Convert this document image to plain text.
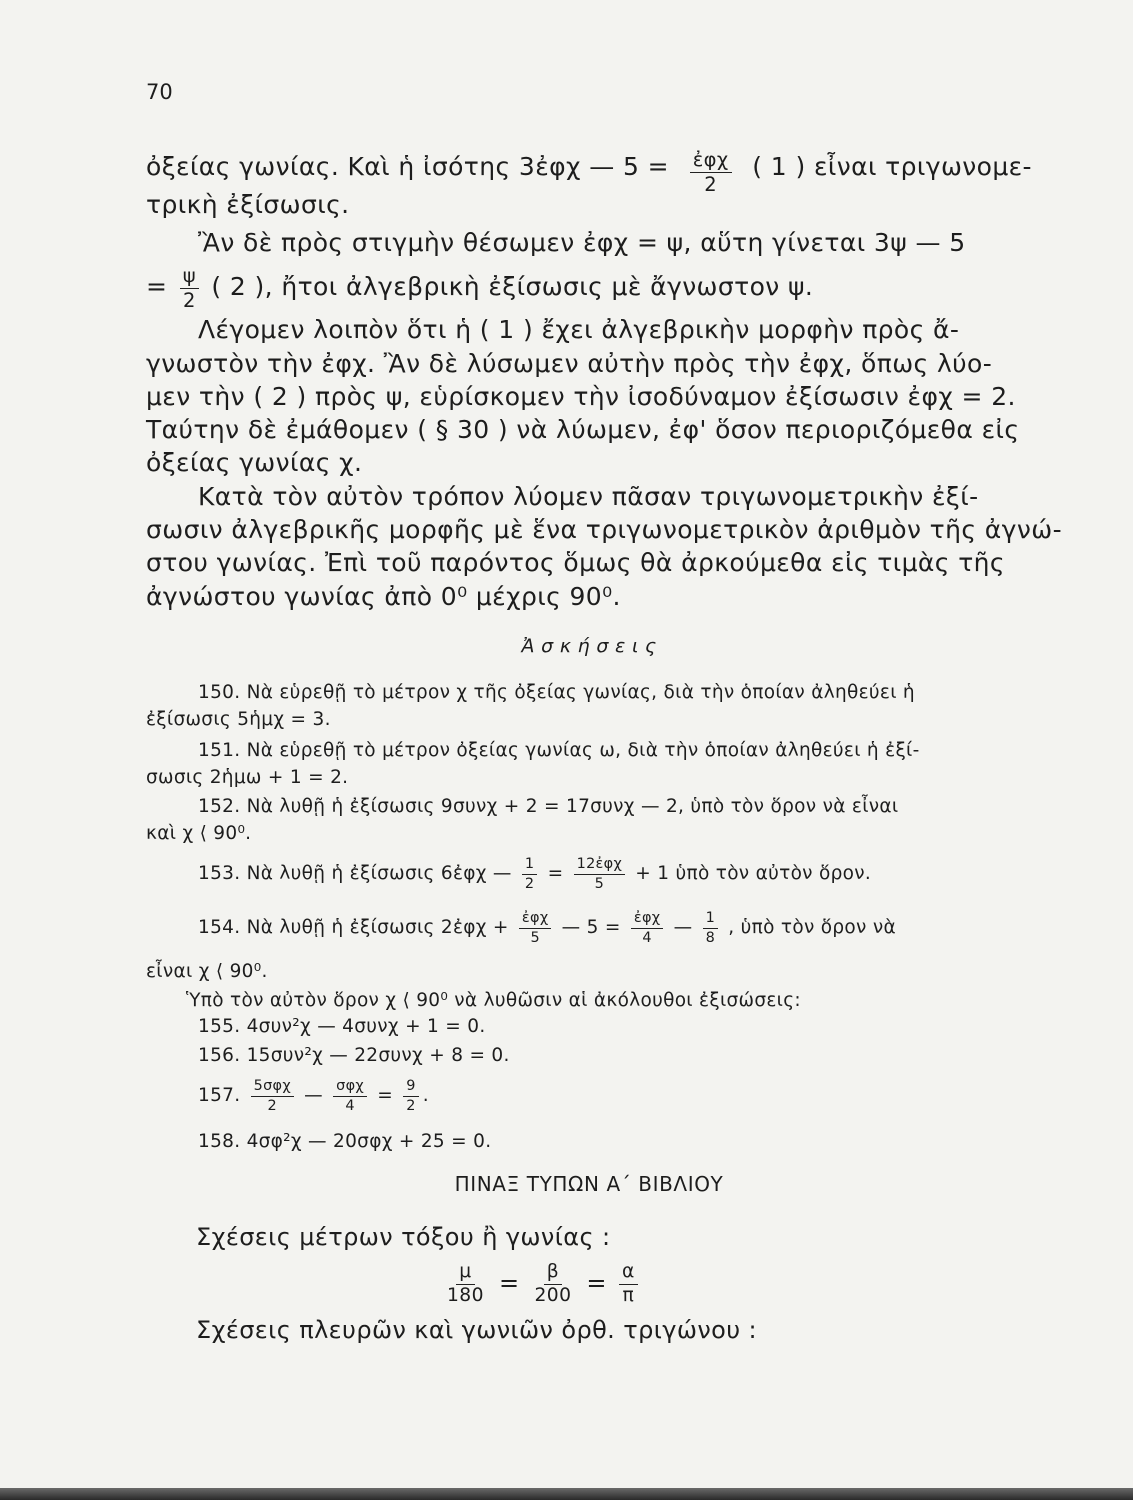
70
ὀξείας γωνίας. Καὶ ἡ ἰσότης 3ἐφχ — $5 = \frac{\text{ἐφχ}}{2}$ ( 1 ) εἶναι τριγωνομε-
τρικὴ ἐξίσωσις.
Ἂν δὲ πρὸς στιγμὴν θέσωμεν ἐφχ = ψ, αὕτη γίνεται 3ψ — 5
= $\frac{\psi}{2}$ ( 2 ), ἤτοι ἀλγεβρικὴ ἐξίσωσις μὲ ἄγνωστον ψ.
Λέγομεν λοιπὸν ὅτι ἡ ( 1 ) ἔχει ἀλγεβρικὴν μορφὴν πρὸς ἄ-
γνωστὸν τὴν ἐφχ. Ἂν δὲ λύσωμεν αὐτὴν πρὸς τὴν ἐφχ, ὅπως λύο-
μεν τὴν ( 2 ) πρὸς ψ, εὑρίσκομεν τὴν ἰσοδύναμον ἐξίσωσιν ἐφχ = 2.
Ταύτην δὲ ἐμάθομεν ( § 30 ) νὰ λύωμεν, ἐφ' ὅσον περιοριζόμεθα εἰς
ὀξείας γωνίας χ.
Κατὰ τὸν αὐτὸν τρόπον λύομεν πᾶσαν τριγωνομετρικὴν ἐξί-
σωσιν ἀλγεβρικῆς μορφῆς μὲ ἕνα τριγωνομετρικὸν ἀριθμὸν τῆς ἀγνώ-
στου γωνίας. Ἐπὶ τοῦ παρόντος ὅμως θὰ ἀρκούμεθα εἰς τιμὰς τῆς
ἀγνώστου γωνίας ἀπὸ 0⁰ μέχρις 90⁰.
Ἀ σ κ ή σ ε ι ς
150. Νὰ εὑρεθῇ τὸ μέτρον χ τῆς ὀξείας γωνίας, διὰ τὴν ὁποίαν ἀληθεύει ἡ
ἐξίσωσις 5ἡμχ = 3.
151. Νὰ εὑρεθῇ τὸ μέτρον ὀξείας γωνίας ω, διὰ τὴν ὁποίαν ἀληθεύει ἡ ἐξί-
σωσις 2ἡμω + 1 = 2.
152. Νὰ λυθῇ ἡ ἐξίσωσις 9συνχ + 2 = 17συνχ — 2, ὑπὸ τὸν ὅρον νὰ εἶναι
καὶ χ ⟨ 90⁰.
153. Νὰ λυθῇ ἡ ἐξίσωσις 6ἐφχ — $\frac{1}{2} = \frac{\text{12ἐφχ}}{5} + 1$ ὑπὸ τὸν αὐτὸν ὅρον.
154. Νὰ λυθῇ ἡ ἐξίσωσις 2ἐφχ + $\frac{\text{ἐφχ}}{5}$ — $5 = \frac{\text{ἐφχ}}{4}$ — $\frac{1}{8}$ , ὑπὸ τὸν ὅρον νὰ
εἶναι χ ⟨ 90⁰.
Ὑπὸ τὸν αὐτὸν ὅρον χ ⟨ 90⁰ νὰ λυθῶσιν αἱ ἀκόλουθοι ἐξισώσεις:
155. 4συν²χ — 4συνχ + 1 = 0.
156. 15συν²χ — 22συνχ + 8 = 0.
157. $\frac{\text{5σφχ}}{2}$ — $\frac{\text{σφχ}}{4} = \frac{9}{2}$ .
158. 4σφ²χ — 20σφχ + 25 = 0.
ΠΙΝΑΞ ΤΥΠΩΝ Α΄ ΒΙΒΛΙΟΥ
Σχέσεις μέτρων τόξου ἢ γωνίας :
$\frac{\mu}{180} = \frac{\beta}{200} = \frac{\alpha}{\pi}$
Σχέσεις πλευρῶν καὶ γωνιῶν ὀρθ. τριγώνου :
